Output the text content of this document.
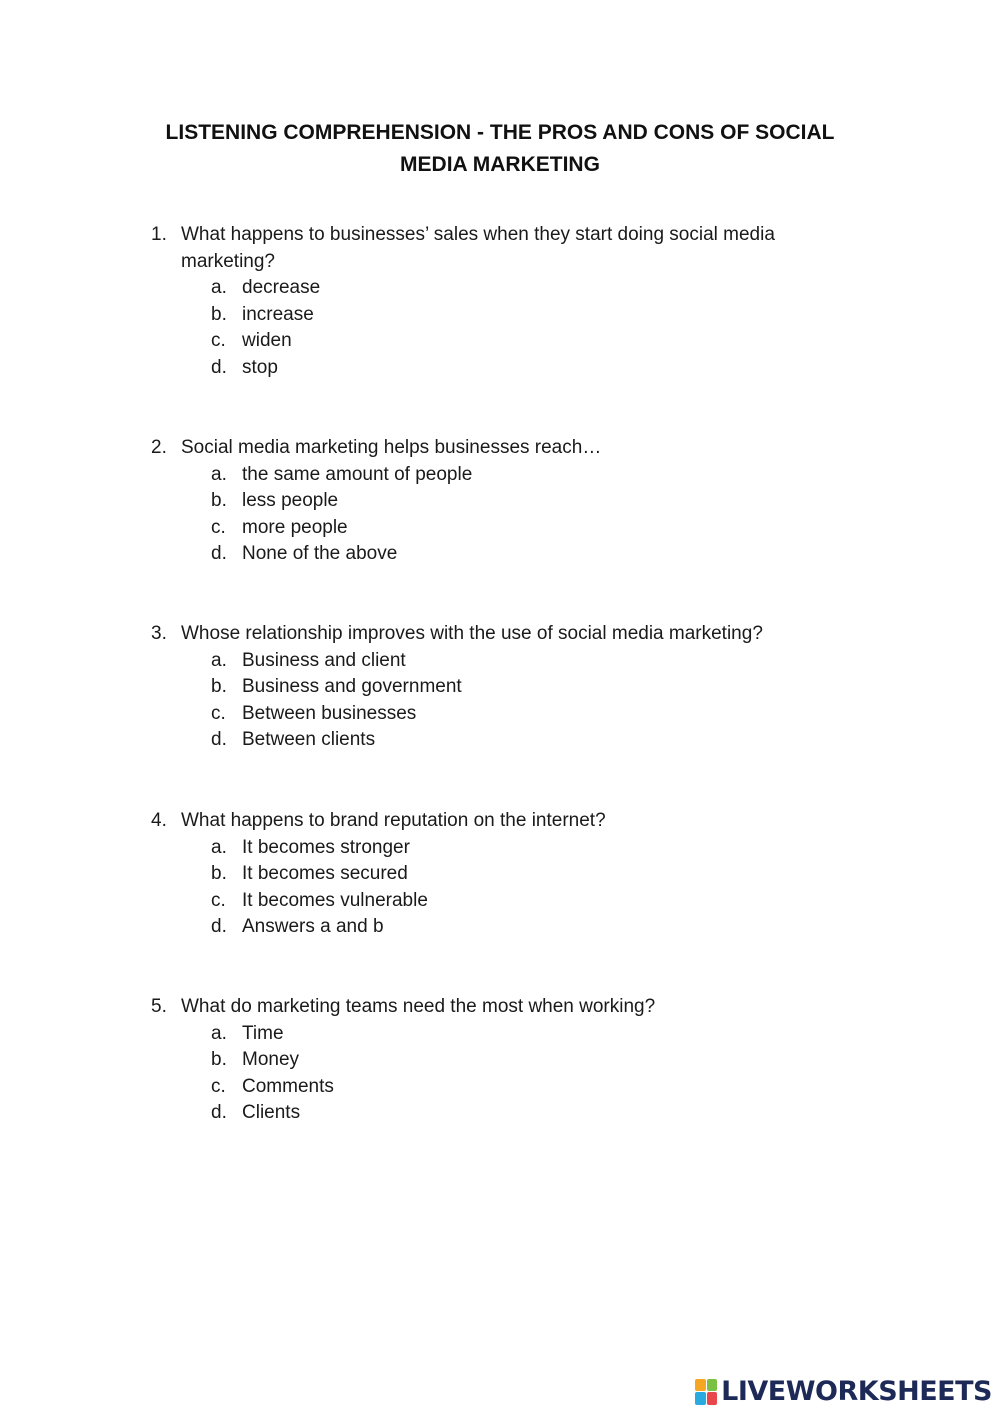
LISTENING COMPREHENSION - THE PROS AND CONS OF SOCIAL
MEDIA MARKETING
1. What happens to businesses’ sales when they start doing social media marketing?
a. decrease
b. increase
c. widen
d. stop
2. Social media marketing helps businesses reach…
a. the same amount of people
b. less people
c. more people
d. None of the above
3. Whose relationship improves with the use of social media marketing?
a. Business and client
b. Business and government
c. Between businesses
d. Between clients
4. What happens to brand reputation on the internet?
a. It becomes stronger
b. It becomes secured
c. It becomes vulnerable
d. Answers a and b
5. What do marketing teams need the most when working?
a. Time
b. Money
c. Comments
d. Clients
LIVEWORKSHEETS
